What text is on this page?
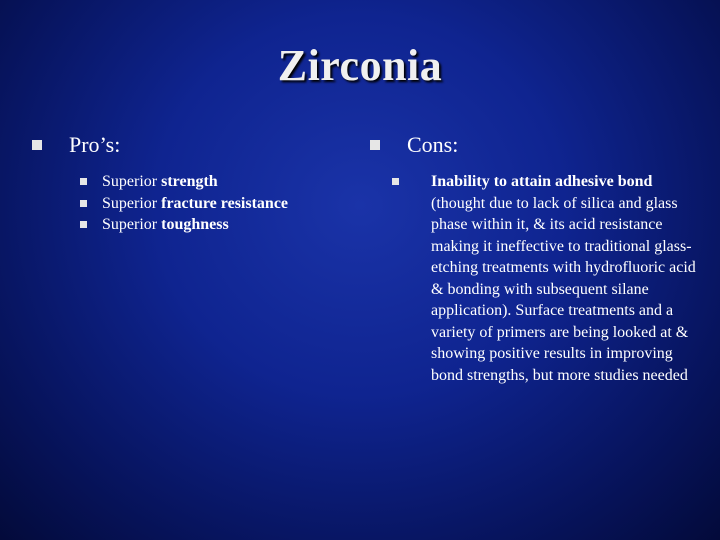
Zirconia
Pro’s:
Superior strength
Superior fracture resistance
Superior toughness
Cons:
Inability to attain adhesive bond (thought due to lack of silica and glass phase within it, & its acid resistance making it ineffective to traditional glass-etching treatments with hydrofluoric acid & bonding with subsequent silane application). Surface treatments and a variety of primers are being looked at & showing positive results in improving bond strengths, but more studies needed
